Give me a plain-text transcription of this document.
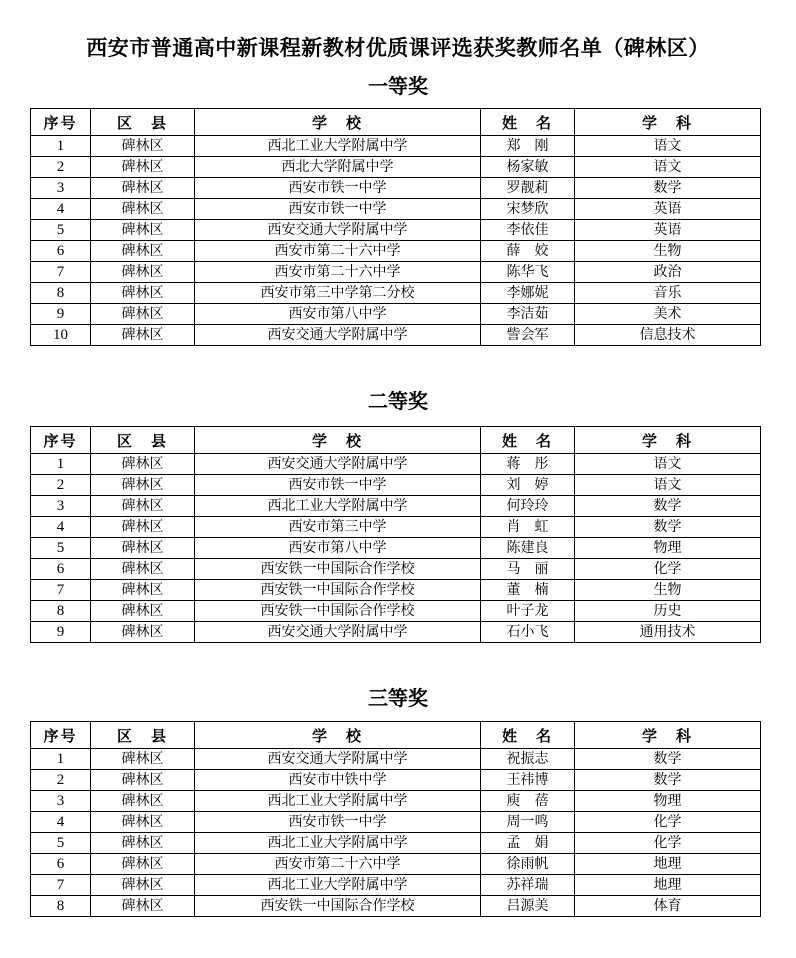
西安市普通高中新课程新教材优质课评选获奖教师名单（碑林区）
一等奖
序号	区　县	学　校	姓　名	学　科
1	碑林区	西北工业大学附属中学	郑　刚	语文
2	碑林区	西北大学附属中学	杨家敏	语文
3	碑林区	西安市铁一中学	罗靓莉	数学
4	碑林区	西安市铁一中学	宋梦欣	英语
5	碑林区	西安交通大学附属中学	李依佳	英语
6	碑林区	西安市第二十六中学	薛　姣	生物
7	碑林区	西安市第二十六中学	陈华飞	政治
8	碑林区	西安市第三中学第二分校	李娜妮	音乐
9	碑林区	西安市第八中学	李洁茹	美术
10	碑林区	西安交通大学附属中学	訾会军	信息技术
二等奖
序号	区　县	学　校	姓　名	学　科
1	碑林区	西安交通大学附属中学	蒋　彤	语文
2	碑林区	西安市铁一中学	刘　婷	语文
3	碑林区	西北工业大学附属中学	何玲玲	数学
4	碑林区	西安市第三中学	肖　虹	数学
5	碑林区	西安市第八中学	陈建良	物理
6	碑林区	西安铁一中国际合作学校	马　丽	化学
7	碑林区	西安铁一中国际合作学校	董　楠	生物
8	碑林区	西安铁一中国际合作学校	叶子龙	历史
9	碑林区	西安交通大学附属中学	石小飞	通用技术
三等奖
序号	区　县	学　校	姓　名	学　科
1	碑林区	西安交通大学附属中学	祝振志	数学
2	碑林区	西安市中铁中学	王祎博	数学
3	碑林区	西北工业大学附属中学	庾　蓓	物理
4	碑林区	西安市铁一中学	周一鸣	化学
5	碑林区	西北工业大学附属中学	孟　娟	化学
6	碑林区	西安市第二十六中学	徐雨帆	地理
7	碑林区	西北工业大学附属中学	苏祥瑞	地理
8	碑林区	西安铁一中国际合作学校	吕源美	体育
